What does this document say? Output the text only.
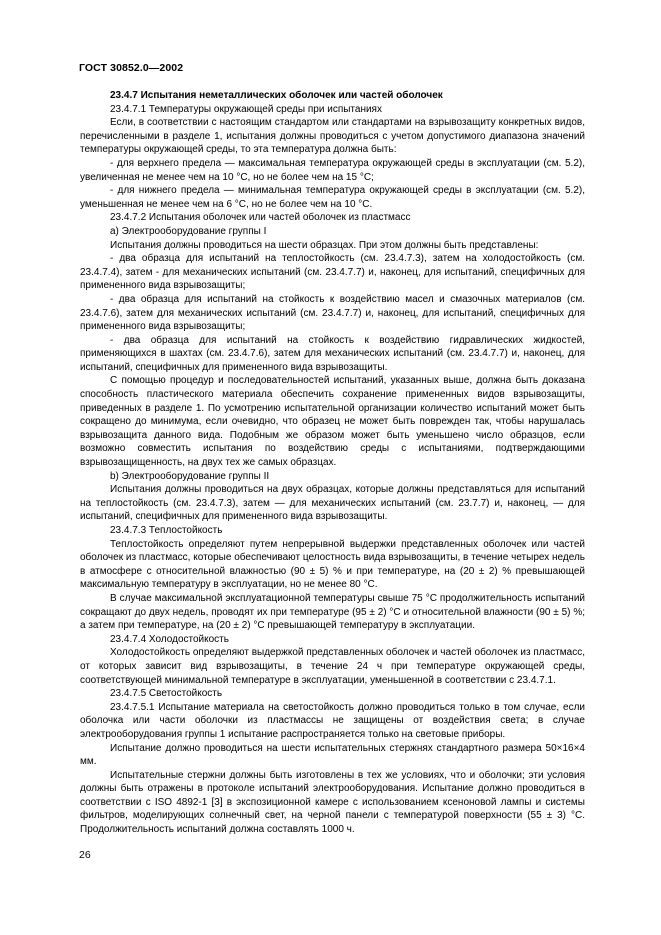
ГОСТ 30852.0—2002

23.4.7 Испытания неметаллических оболочек или частей оболочек

23.4.7.1 Температуры окружающей среды при испытаниях

Если, в соответствии с настоящим стандартом или стандартами на взрывозащиту конкретных видов, перечисленными в разделе 1, испытания должны проводиться с учетом допустимого диапазона значений температуры окружающей среды, то эта температура должна быть:

- для верхнего предела — максимальная температура окружающей среды в эксплуатации (см. 5.2), увеличенная не менее чем на 10 °С, но не более чем на 15 °С;

- для нижнего предела — минимальная температура окружающей среды в эксплуатации (см. 5.2), уменьшенная не менее чем на 6 °С, но не более чем на 10 °С.

23.4.7.2 Испытания оболочек или частей оболочек из пластмасс

a) Электрооборудование группы I

Испытания должны проводиться на шести образцах. При этом должны быть представлены:

- два образца для испытаний на теплостойкость (см. 23.4.7.3), затем на холодостойкость (см. 23.4.7.4), затем - для механических испытаний (см. 23.4.7.7) и, наконец, для испытаний, специфичных для примененного вида взрывозащиты;

- два образца для испытаний на стойкость к воздействию масел и смазочных материалов (см. 23.4.7.6), затем для механических испытаний (см. 23.4.7.7) и, наконец, для испытаний, специфичных для примененного вида взрывозащиты;

- два образца для испытаний на стойкость к воздействию гидравлических жидкостей, применяющихся в шахтах (см. 23.4.7.6), затем для механических испытаний (см. 23.4.7.7) и, наконец, для испытаний, специфичных для примененного вида взрывозащиты.

С помощью процедур и последовательностей испытаний, указанных выше, должна быть доказана способность пластического материала обеспечить сохранение примененных видов взрывозащиты, приведенных в разделе 1. По усмотрению испытательной организации количество испытаний может быть сокращено до минимума, если очевидно, что образец не может быть поврежден так, чтобы нарушалась взрывозащита данного вида. Подобным же образом может быть уменьшено число образцов, если возможно совместить испытания по воздействию среды с испытаниями, подтверждающими взрывозащищенность, на двух тех же самых образцах.

b) Электрооборудование группы II

Испытания должны проводиться на двух образцах, которые должны представляться для испытаний на теплостойкость (см. 23.4.7.3), затем — для механических испытаний (см. 23.7.7) и, наконец, — для испытаний, специфичных для примененного вида взрывозащиты.

23.4.7.3 Теплостойкость

Теплостойкость определяют путем непрерывной выдержки представленных оболочек или частей оболочек из пластмасс, которые обеспечивают целостность вида взрывозащиты, в течение четырех недель в атмосфере с относительной влажностью (90 ± 5) % и при температуре, на (20 ± 2) % превышающей максимальную температуру в эксплуатации, но не менее 80 °С.

В случае максимальной эксплуатационной температуры свыше 75 °С продолжительность испытаний сокращают до двух недель, проводят их при температуре (95 ± 2) °С и относительной влажности (90 ± 5) %; а затем при температуре, на (20 ± 2) °С превышающей температуру в эксплуатации.

23.4.7.4 Холодостойкость

Холодостойкость определяют выдержкой представленных оболочек и частей оболочек из пластмасс, от которых зависит вид взрывозащиты, в течение 24 ч при температуре окружающей среды, соответствующей минимальной температуре в эксплуатации, уменьшенной в соответствии с 23.4.7.1.

23.4.7.5 Светостойкость

23.4.7.5.1 Испытание материала на светостойкость должно проводиться только в том случае, если оболочка или части оболочки из пластмассы не защищены от воздействия света; в случае электрооборудования группы 1 испытание распространяется только на световые приборы.

Испытание должно проводиться на шести испытательных стержнях стандартного размера 50×16×4 мм.

Испытательные стержни должны быть изготовлены в тех же условиях, что и оболочки; эти условия должны быть отражены в протоколе испытаний электрооборудования. Испытание должно проводиться в соответствии с ISO 4892-1 [3] в экспозиционной камере с использованием ксеноновой лампы и системы фильтров, моделирующих солнечный свет, на черной панели с температурой поверхности (55 ± 3) °С. Продолжительность испытаний должна составлять 1000 ч.

26
